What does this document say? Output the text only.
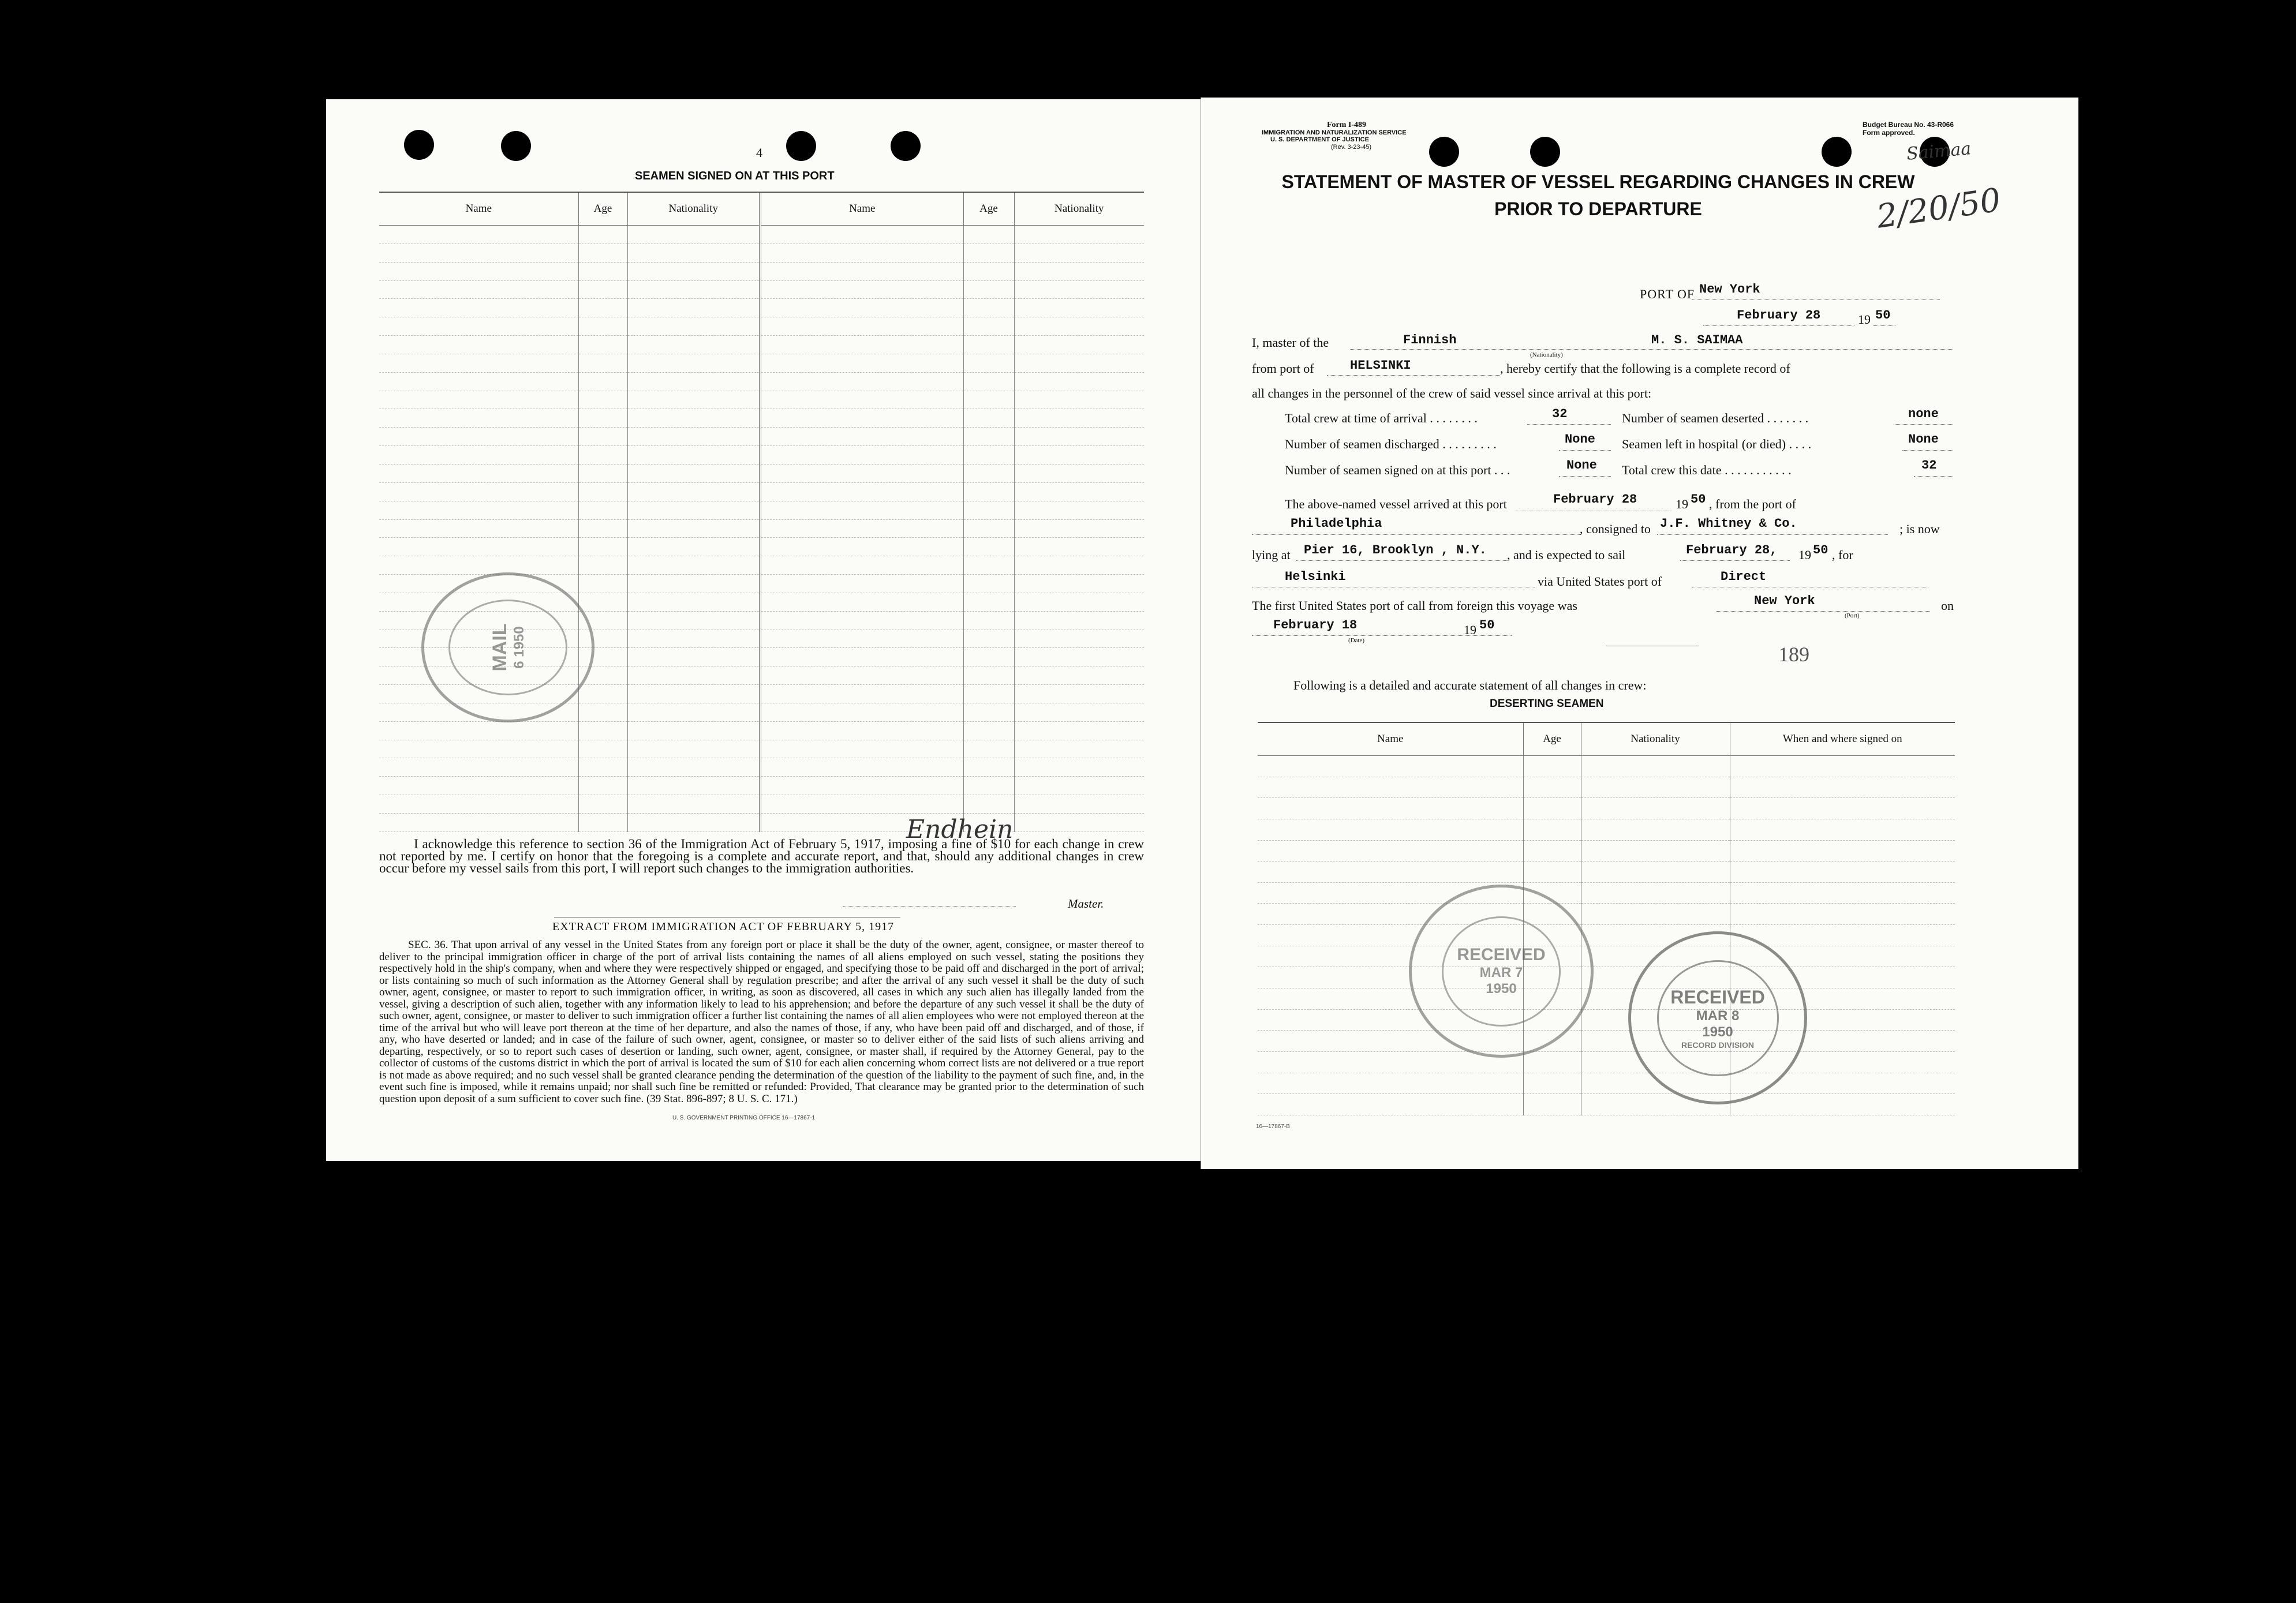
4
SEAMEN SIGNED ON AT THIS PORT
Name	Age	Nationality	Name	Age	Nationality

MAIL 6 1950
I acknowledge this reference to section 36 of the Immigration Act of February 5, 1917, imposing a fine of $10 for each change in crew not reported by me. I certify on honor that the foregoing is a complete and accurate report, and that, should any additional changes in crew occur before my vessel sails from this port, I will report such changes to the immigration authorities.
Endhein
Master.
EXTRACT FROM IMMIGRATION ACT OF FEBRUARY 5, 1917
SEC. 36. That upon arrival of any vessel in the United States from any foreign port or place it shall be the duty of the owner, agent, consignee, or master thereof to deliver to the principal immigration officer in charge of the port of arrival lists containing the names of all aliens employed on such vessel, stating the positions they respectively hold in the ship's company, when and where they were respectively shipped or engaged, and specifying those to be paid off and discharged in the port of arrival; or lists containing so much of such information as the Attorney General shall by regulation prescribe; and after the arrival of any such vessel it shall be the duty of such owner, agent, consignee, or master to report to such immigration officer, in writing, as soon as discovered, all cases in which any such alien has illegally landed from the vessel, giving a description of such alien, together with any information likely to lead to his apprehension; and before the departure of any such vessel it shall be the duty of such owner, agent, consignee, or master to deliver to such immigration officer a further list containing the names of all alien employees who were not employed thereon at the time of the arrival but who will leave port thereon at the time of her departure, and also the names of those, if any, who have been paid off and discharged, and of those, if any, who have deserted or landed; and in case of the failure of such owner, agent, consignee, or master so to deliver either of the said lists of such aliens arriving and departing, respectively, or so to report such cases of desertion or landing, such owner, agent, consignee, or master shall, if required by the Attorney General, pay to the collector of customs of the customs district in which the port of arrival is located the sum of $10 for each alien concerning whom correct lists are not delivered or a true report is not made as above required; and no such vessel shall be granted clearance pending the determination of the question of the liability to the payment of such fine, and, in the event such fine is imposed, while it remains unpaid; nor shall such fine be remitted or refunded: Provided, That clearance may be granted prior to the determination of such question upon deposit of a sum sufficient to cover such fine. (39 Stat. 896-897; 8 U. S. C. 171.)
U. S. GOVERNMENT PRINTING OFFICE 16—17867-1
Form I-489
IMMIGRATION AND NATURALIZATION SERVICE
U. S. DEPARTMENT OF JUSTICE
(Rev. 3-23-45)
Budget Bureau No. 43-R066
Form approved.
Saimaa
2/20/50
STATEMENT OF MASTER OF VESSEL REGARDING CHANGES IN CREW
PRIOR TO DEPARTURE
PORT OF New York
February 28	19 50
I, master of the	Finnish
(Nationality)
M. S. SAIMAA
from port of	HELSINKI	, hereby certify that the following is a complete record of
all changes in the personnel of the crew of said vessel since arrival at this port:
Total crew at time of arrival . . . . . . . .	32	Number of seamen deserted . . . . . . .	none
Number of seamen discharged . . . . . . . . .	None Seamen left in hospital (or died) . . . .	None
Number of seamen signed on at this port . . .	None Total crew this date . . . . . . . . . . .	32
The above-named vessel arrived at this port	February 28	19 50 , from the port of
Philadelphia	, consigned to J.F. Whitney & Co.	; is now
lying at Pier 16, Brooklyn , N.Y. , and is expected to sail	February 28, 19 50 , for
Helsinki	via United States port of	Direct
The first United States port of call from foreign this voyage was	New York
(Port)
on
February 18
(Date)
19 50
189
Following is a detailed and accurate statement of all changes in crew:
DESERTING SEAMEN
Name	Age	Nationality	When and where signed on

RECEIVED
MAR 7
1950	RECEIVED
MAR 8
1950
RECORD DIVISION
16—17867-B
